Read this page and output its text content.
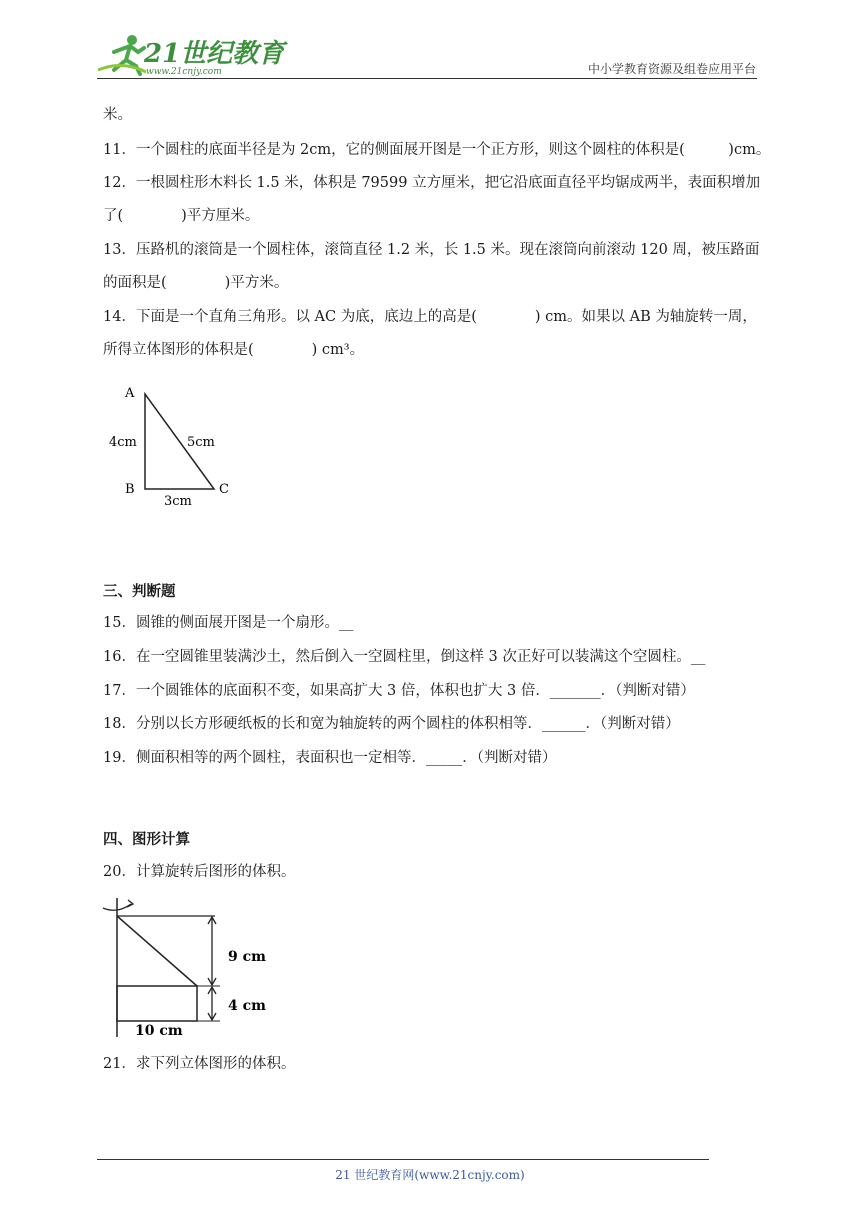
21世纪教育
www.21cnjy.com	中小学教育资源及组卷应用平台
米。
11．一个圆柱的底面半径是为 2cm，它的侧面展开图是一个正方形，则这个圆柱的体积是(　　　)cm。
12．一根圆柱形木料长 1.5 米，体积是 79599 立方厘米，把它沿底面直径平均锯成两半，表面积增加
了(　　　　)平方厘米。
13．压路机的滚筒是一个圆柱体，滚筒直径 1.2 米，长 1.5 米。现在滚筒向前滚动 120 周，被压路面
的面积是(　　　　)平方米。
14．下面是一个直角三角形。以 AC 为底，底边上的高是(　　　　) cm。如果以 AB 为轴旋转一周，
所得立体图形的体积是(　　　　) cm³。
A
B	C
4cm	5cm
3cm
三、判断题
15．圆锥的侧面展开图是一个扇形。__
16．在一空圆锥里装满沙土，然后倒入一空圆柱里，倒这样 3 次正好可以装满这个空圆柱。__
17．一个圆锥体的底面积不变，如果高扩大 3 倍，体积也扩大 3 倍．_______．（判断对错）
18．分别以长方形硬纸板的长和宽为轴旋转的两个圆柱的体积相等．______．（判断对错）
19．侧面积相等的两个圆柱，表面积也一定相等．_____．（判断对错）
四、图形计算
20．计算旋转后图形的体积。
9 cm
4 cm
10 cm
21．求下列立体图形的体积。
21 世纪教育网(www.21cnjy.com)
